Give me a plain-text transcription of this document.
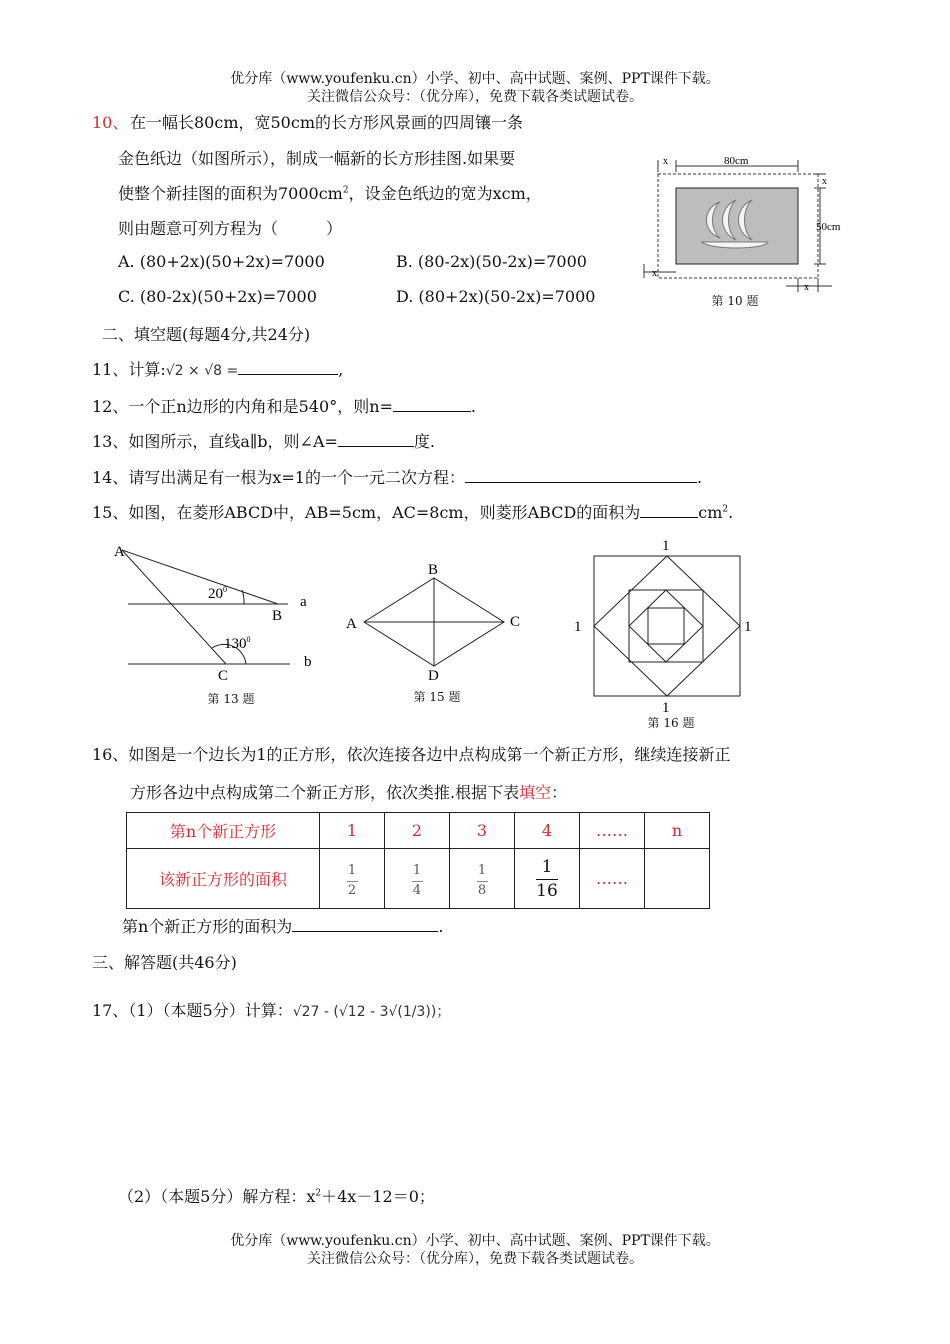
优分库（www.youfenku.cn）小学、初中、高中试题、案例、PPT课件下载。
关注微信公众号：（优分库），免费下载各类试题试卷。
10、 在一幅长80cm，宽50cm的长方形风景画的四周镶一条
金色纸边（如图所示），制成一幅新的长方形挂图.如果要
使整个新挂图的面积为$7000cm^2$，设金色纸边的宽为xcm，
则由题意可列方程为（　　　）
A. (80+2x)(50+2x)=7000	B. (80-2x)(50-2x)=7000
C. (80-2x)(50+2x)=7000	D. (80+2x)(50-2x)=7000
80cm
x
x
50cm
x
x
第 10 题
二、填空题(每题4分,共24分)
11、计算:√2 × √8 =	,
12、一个正n边形的内角和是540°，则n=	.
13、如图所示，直线a∥b，则∠A=	度.
14、请写出满足有一根为x=1的一个一元二次方程：	.
15、如图，在菱形ABCD中，AB=5cm，AC=8cm，则菱形ABCD的面积为	$cm^2$.
A
B
C
a
b
$20^0$
$130^0$
第 13 题
A
B
C
D
第 15 题
1
1
1	1
第 16 题
16、如图是一个边长为1的正方形，依次连接各边中点构成第一个新正方形，继续连接新正
方形各边中点构成第二个新正方形，依次类推.根据下表填空：
第n个新正方形	1	2	3	4	……	n
该新正方形的面积	$\frac{1}{2}$	$\frac{1}{4}$	$\frac{1}{8}$	$\frac{1}{16}$	……	
第n个新正方形的面积为	.
三、解答题(共46分)
17、（1）（本题5分）计算：√27 - (√12 - 3√(1/3))；
（2）（本题5分）解方程：$x^2+4x-12=0$；
优分库（www.youfenku.cn）小学、初中、高中试题、案例、PPT课件下载。
关注微信公众号：（优分库），免费下载各类试题试卷。
